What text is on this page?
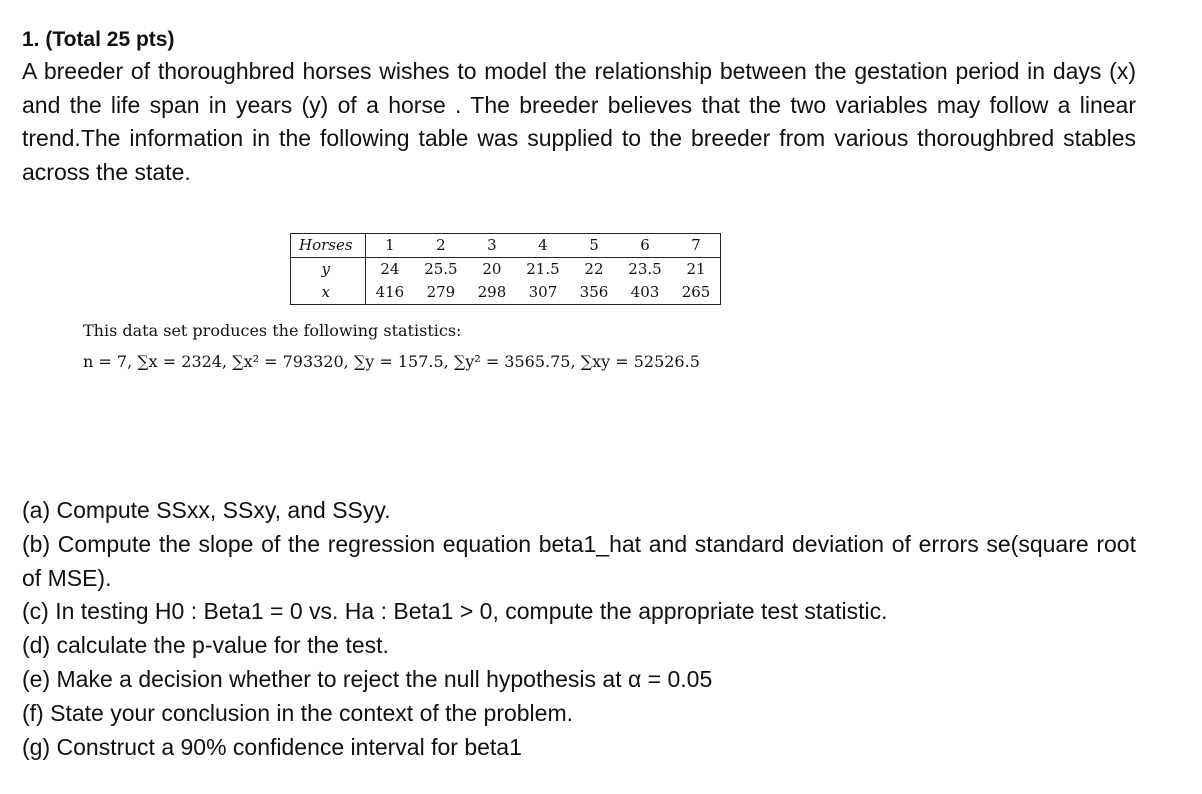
1. (Total 25 pts)

A breeder of thoroughbred horses wishes to model the relationship between the gestation period in days (x) and the life span in years (y) of a horse . The breeder believes that the two variables may follow a linear trend.The information in the following table was supplied to the breeder from various thoroughbred stables across the state.

Horses	1	2	3	4	5	6	7
y	24	25.5	20	21.5	22	23.5	21
x	416	279	298	307	356	403	265

This data set produces the following statistics:

n = 7, ∑x = 2324, ∑x² = 793320, ∑y = 157.5, ∑y² = 3565.75, ∑xy = 52526.5

(a) Compute SSxx, SSxy, and SSyy.
(b) Compute the slope of the regression equation beta1_hat and standard deviation of errors se(square root of MSE).
(c) In testing H0 : Beta1 = 0 vs. Ha : Beta1 > 0, compute the appropriate test statistic.
(d) calculate the p-value for the test.
(e) Make a decision whether to reject the null hypothesis at α = 0.05
(f) State your conclusion in the context of the problem.
(g) Construct a 90% confidence interval for beta1
